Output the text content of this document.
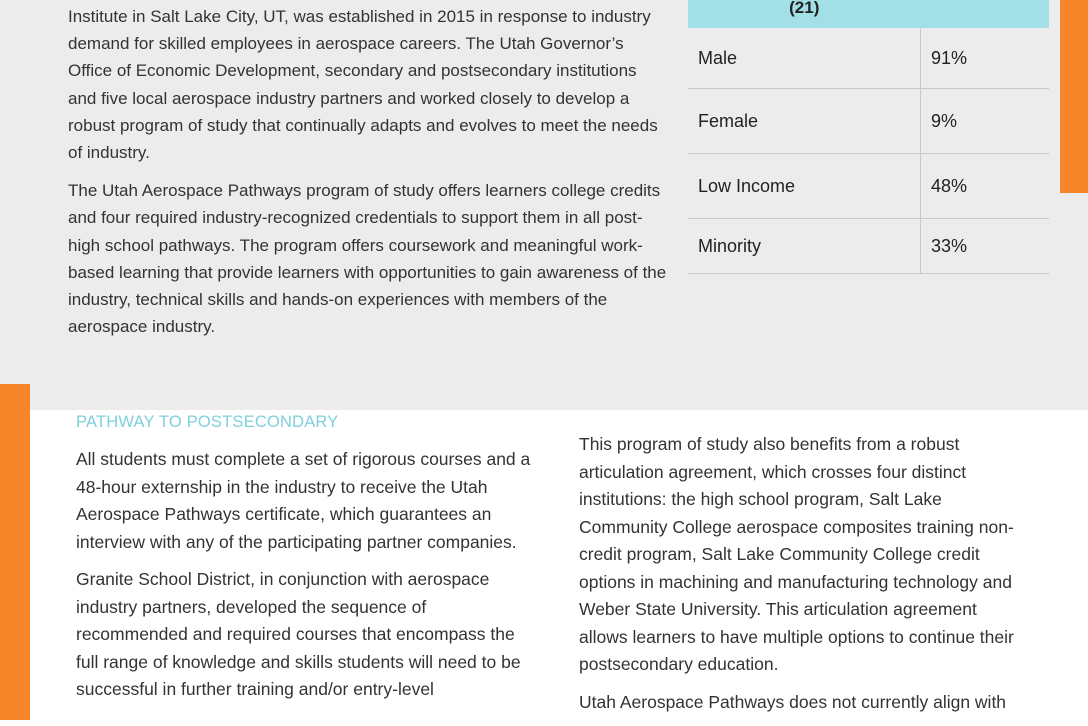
Institute in Salt Lake City, UT, was established in 2015 in response to industry demand for skilled employees in aerospace careers. The Utah Governor’s Office of Economic Development, secondary and postsecondary institutions and five local aerospace industry partners and worked closely to develop a robust program of study that continually adapts and evolves to meet the needs of industry.

The Utah Aerospace Pathways program of study offers learners college credits and four required industry-recognized credentials to support them in all post-high school pathways. The program offers coursework and meaningful work-based learning that provide learners with opportunities to gain awareness of the industry, technical skills and hands-on experiences with members of the aerospace industry.

(21)	
Male	91%
Female	9%
Low Income	48%
Minority	33%
PATHWAY TO POSTSECONDARY

All students must complete a set of rigorous courses and a 48-hour externship in the industry to receive the Utah Aerospace Pathways certificate, which guarantees an interview with any of the participating partner companies.

Granite School District, in conjunction with aerospace industry partners, developed the sequence of recommended and required courses that encompass the full range of knowledge and skills students will need to be successful in further training and/or entry-level

This program of study also benefits from a robust articulation agreement, which crosses four distinct institutions: the high school program, Salt Lake Community College aerospace composites training non-credit program, Salt Lake Community College credit options in machining and manufacturing technology and Weber State University. This articulation agreement allows learners to have multiple options to continue their postsecondary education.

Utah Aerospace Pathways does not currently align with
